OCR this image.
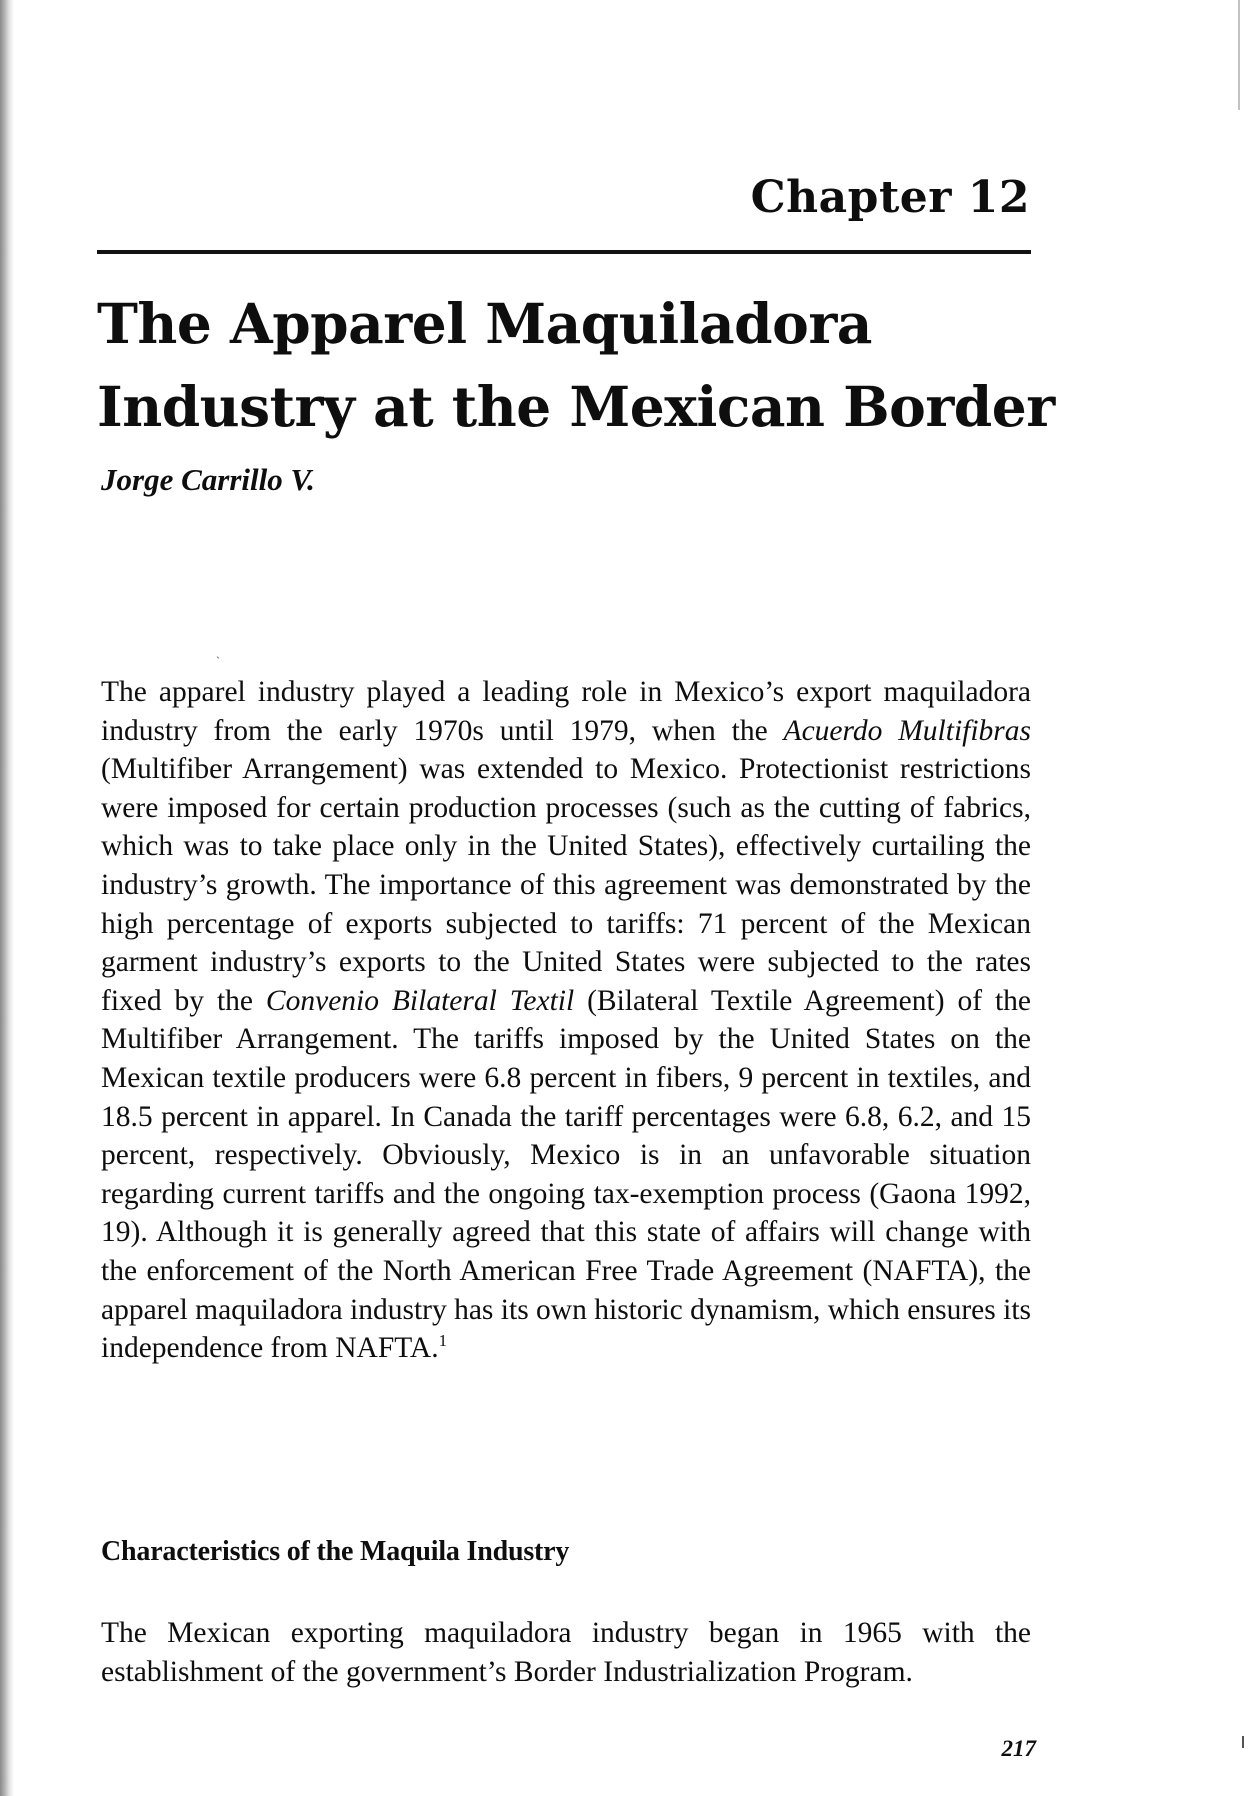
Chapter 12
The Apparel Maquiladora
Industry at the Mexican Border
Jorge Carrillo V.
ˎ

The apparel industry played a leading role in Mexico’s export maquiladora industry from the early 1970s until 1979, when the Acuerdo Multifibras (Multifiber Arrangement) was extended to Mexico. Protectionist restrictions were imposed for certain production processes (such as the cutting of fabrics, which was to take place only in the United States), effectively curtailing the industry’s growth. The importance of this agreement was demonstrated by the high percentage of exports subjected to tariffs: 71 percent of the Mexican garment industry’s exports to the United States were subjected to the rates fixed by the Convenio Bilateral Textil (Bilateral Textile Agreement) of the Multifiber Arrangement. The tariffs imposed by the United States on the Mexican textile producers were 6.8 percent in fibers, 9 percent in textiles, and 18.5 percent in apparel. In Canada the tariff percentages were 6.8, 6.2, and 15 percent, respectively. Obviously, Mexico is in an unfavorable situation regarding current tariffs and the ongoing tax-exemption process (Gaona 1992, 19). Although it is generally agreed that this state of affairs will change with the enforcement of the North American Free Trade Agreement (NAFTA), the apparel maquiladora industry has its own historic dynamism, which ensures its independence from NAFTA.$^1$

Characteristics of the Maquila Industry

The Mexican exporting maquiladora industry began in 1965 with the establishment of the government’s Border Industrialization Program.

217
